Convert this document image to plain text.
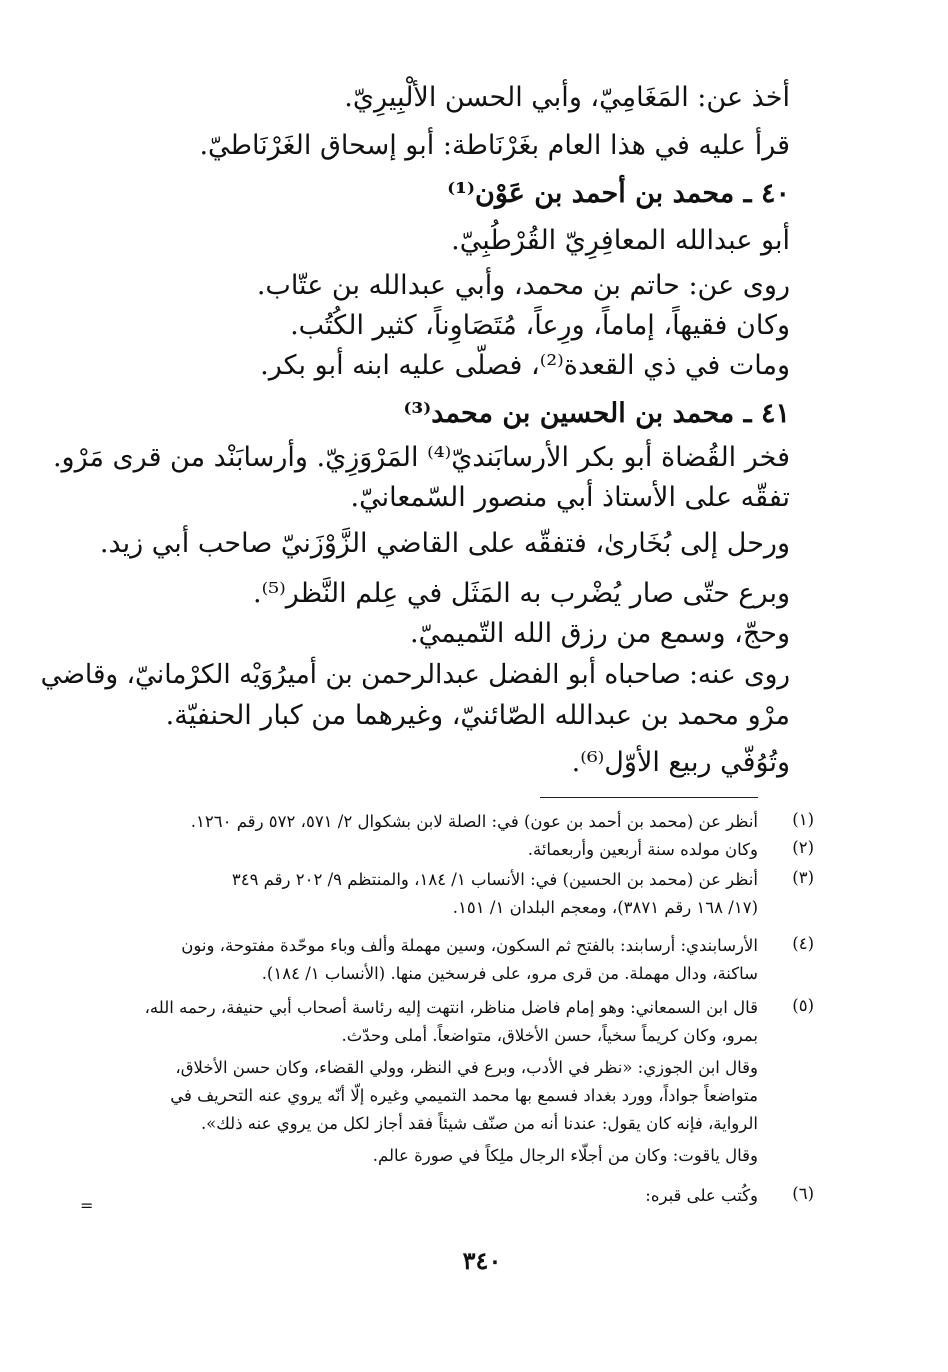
أخذ عن: المَغَامِيّ، وأبي الحسن الألْبِيرِيّ.
قرأ عليه في هذا العام بغَرْنَاطة: أبو إسحاق الغَرْنَاطيّ.
٤٠ ـ محمد بن أحمد بن عَوْن⁽¹⁾
أبو عبدالله المعافِرِيّ القُرْطُبِيّ.
روى عن: حاتم بن محمد، وأبي عبدالله بن عتّاب.
وكان فقيهاً، إماماً، ورِعاً، مُتَصَاوِناً، كثير الكُتُب.
ومات في ذي القعدة⁽²⁾، فصلّى عليه ابنه أبو بكر.
٤١ ـ محمد بن الحسين بن محمد⁽³⁾
فخر القُضاة أبو بكر الأرسابَنديّ⁽⁴⁾ المَرْوَزِيّ. وأرسابَنْد من قرى مَرْو.
تفقّه على الأستاذ أبي منصور السّمعانيّ.
ورحل إلى بُخَارىٰ، فتفقّه على القاضي الزَّوْزَنيّ صاحب أبي زيد.
وبرع حتّى صار يُضْرب به المَثَل في عِلم النَّظر⁽⁵⁾.
وحجّ، وسمع من رزق الله التّميميّ.
روى عنه: صاحباه أبو الفضل عبدالرحمن بن أميرُوَيْه الكرْمانيّ، وقاضي
مرْو محمد بن عبدالله الصّائنيّ، وغيرهما من كبار الحنفيّة.
وتُوُفّي ربيع الأوّل⁽⁶⁾.
(١)
أنظر عن (محمد بن أحمد بن عون) في: الصلة لابن بشكوال ٢/ ٥٧١، ٥٧٢ رقم ١٢٦٠.
(٢)
وكان مولده سنة أربعين وأربعمائة.
(٣)
أنظر عن (محمد بن الحسين) في: الأنساب ١/ ١٨٤، والمنتظم ٩/ ٢٠٢ رقم ٣٤٩
(١٧/ ١٦٨ رقم ٣٨٧١)، ومعجم البلدان ١/ ١٥١.
(٤)
الأرسابندي: أرسابند: بالفتح ثم السكون، وسين مهملة وألف وباء موحّدة مفتوحة، ونون
ساكنة، ودال مهملة. من قرى مرو، على فرسخين منها. (الأنساب ١/ ١٨٤).
(٥)
قال ابن السمعاني: وهو إمام فاضل مناظر، انتهت إليه رئاسة أصحاب أبي حنيفة، رحمه الله،
بمرو، وكان كريماً سخياً، حسن الأخلاق، متواضعاً. أملى وحدّث.
وقال ابن الجوزي: «نظر في الأدب، وبرع في النظر، وولي القضاء، وكان حسن الأخلاق،
متواضعاً جواداً، وورد بغداد فسمع بها محمد التميمي وغيره إلّا أنّه يروي عنه التحريف في
الرواية، فإنه كان يقول: عندنا أنه من صنّف شيئاً فقد أجاز لكل من يروي عنه ذلك».
وقال ياقوت: وكان من أجلّاء الرجال ملِكاً في صورة عالم.
(٦)
وكُتب على قبره:
=
٣٤٠
